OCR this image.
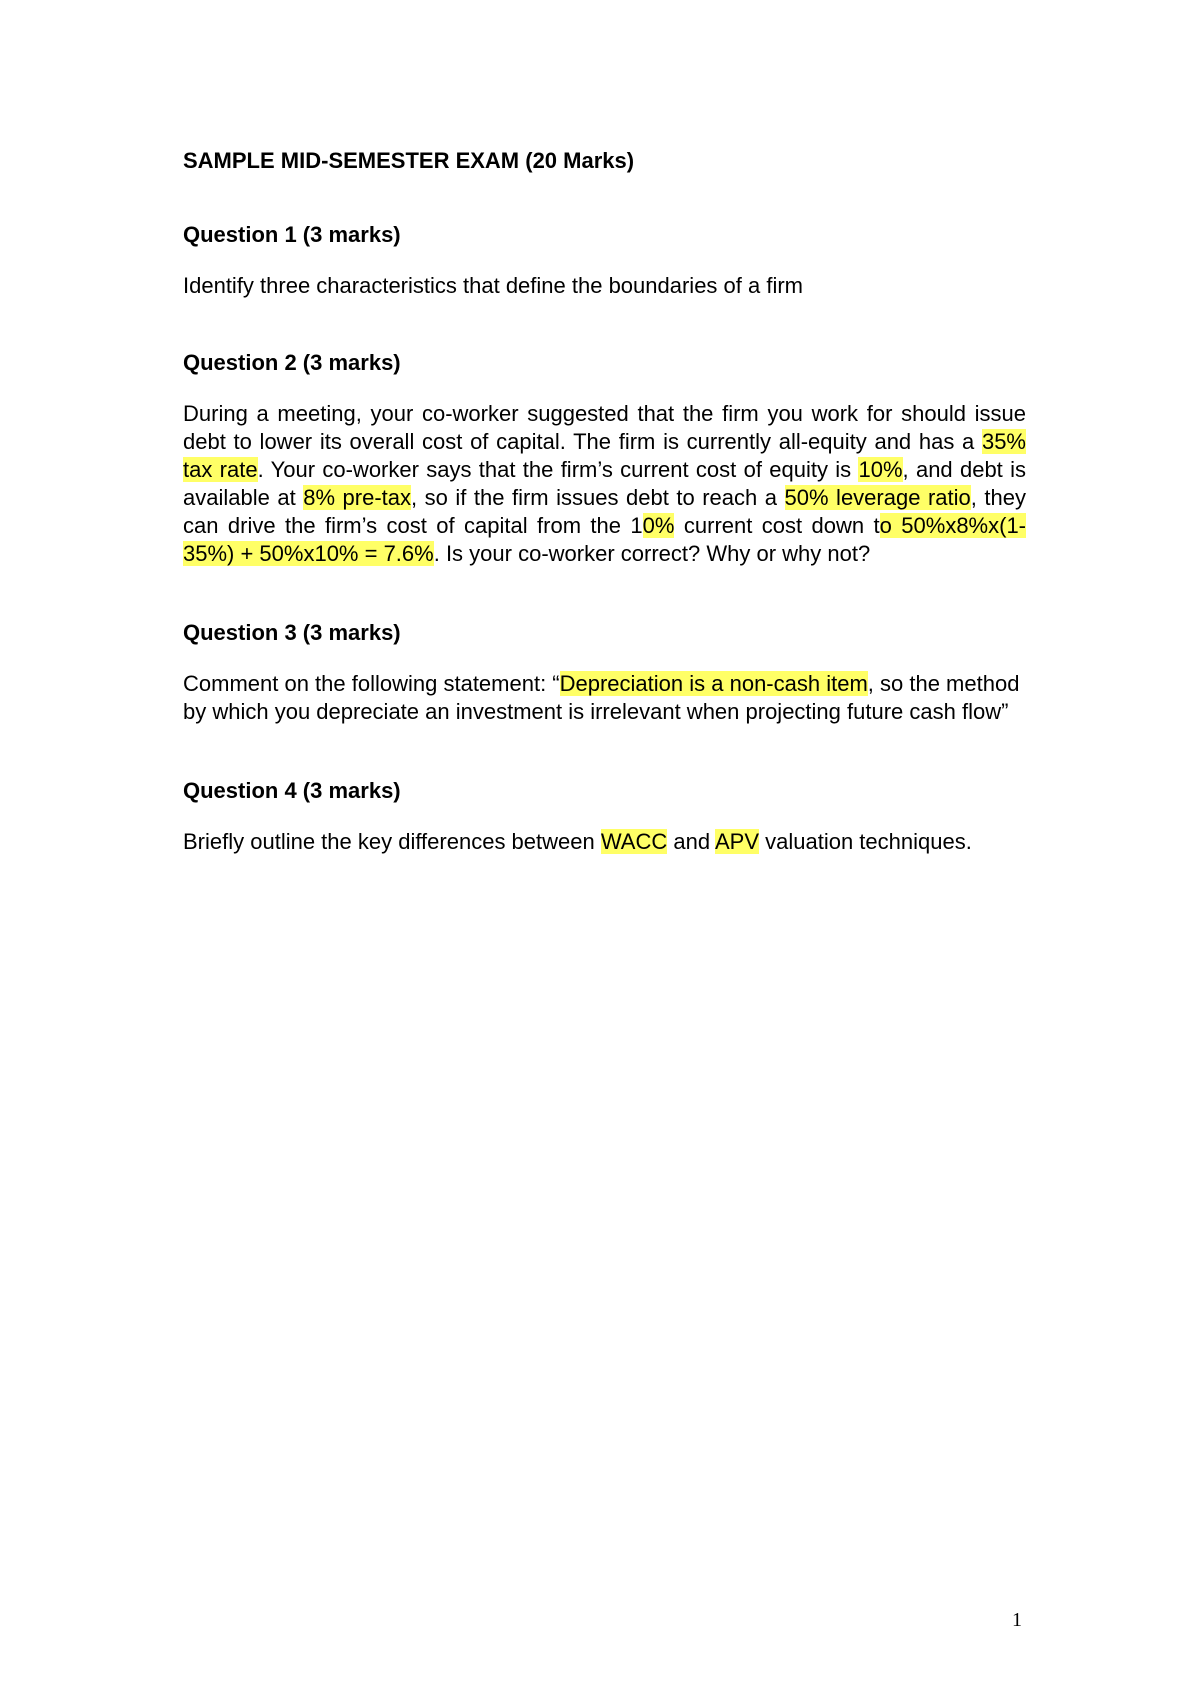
SAMPLE MID-SEMESTER EXAM (20 Marks)

Question 1 (3 marks)

Identify three characteristics that define the boundaries of a firm

Question 2 (3 marks)

During a meeting, your co-worker suggested that the firm you work for should issue debt to lower its overall cost of capital. The firm is currently all-equity and has a 35% tax rate. Your co-worker says that the firm’s current cost of equity is 10%, and debt is available at 8% pre-tax, so if the firm issues debt to reach a 50% leverage ratio, they can drive the firm’s cost of capital from the 10% current cost down to 50%x8%x(1-35%) + 50%x10% = 7.6%. Is your co-worker correct? Why or why not?

Question 3 (3 marks)

Comment on the following statement: “Depreciation is a non-cash item, so the method by which you depreciate an investment is irrelevant when projecting future cash flow”

Question 4 (3 marks)

Briefly outline the key differences between WACC and APV valuation techniques.

1
